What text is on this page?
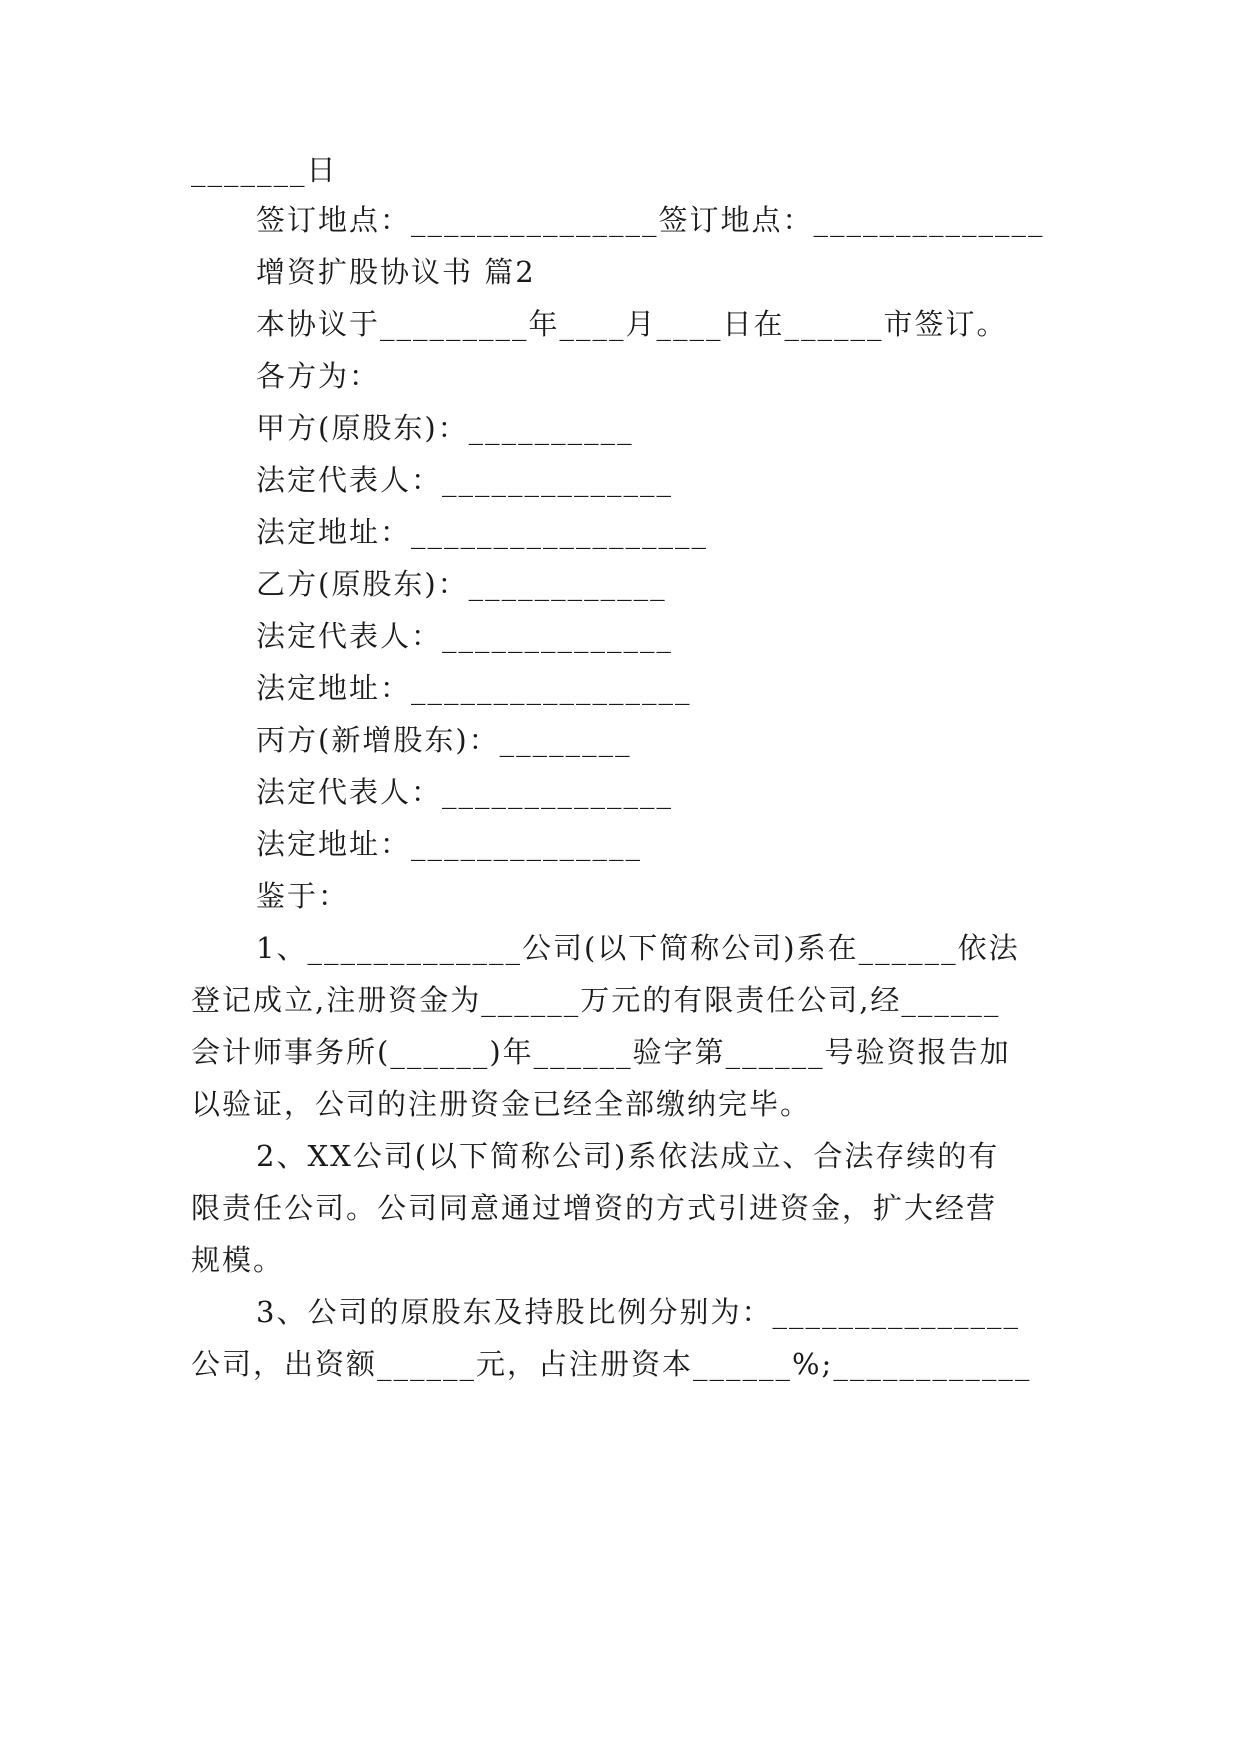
_______日
签订地点：_______________签订地点：______________
增资扩股协议书 篇2
本协议于_________年____月____日在______市签订。
各方为：
甲方(原股东)：__________
法定代表人：______________
法定地址：__________________
乙方(原股东)：____________
法定代表人：______________
法定地址：_________________
丙方(新增股东)：________
法定代表人：______________
法定地址：______________
鉴于：
1、_____________公司(以下简称公司)系在______依法
登记成立,注册资金为______万元的有限责任公司,经______
会计师事务所(______)年______验字第______号验资报告加
以验证，公司的注册资金已经全部缴纳完毕。
2、XX公司(以下简称公司)系依法成立、合法存续的有
限责任公司。公司同意通过增资的方式引进资金，扩大经营
规模。
3、公司的原股东及持股比例分别为：_______________
公司，出资额______元，占注册资本______%;____________
